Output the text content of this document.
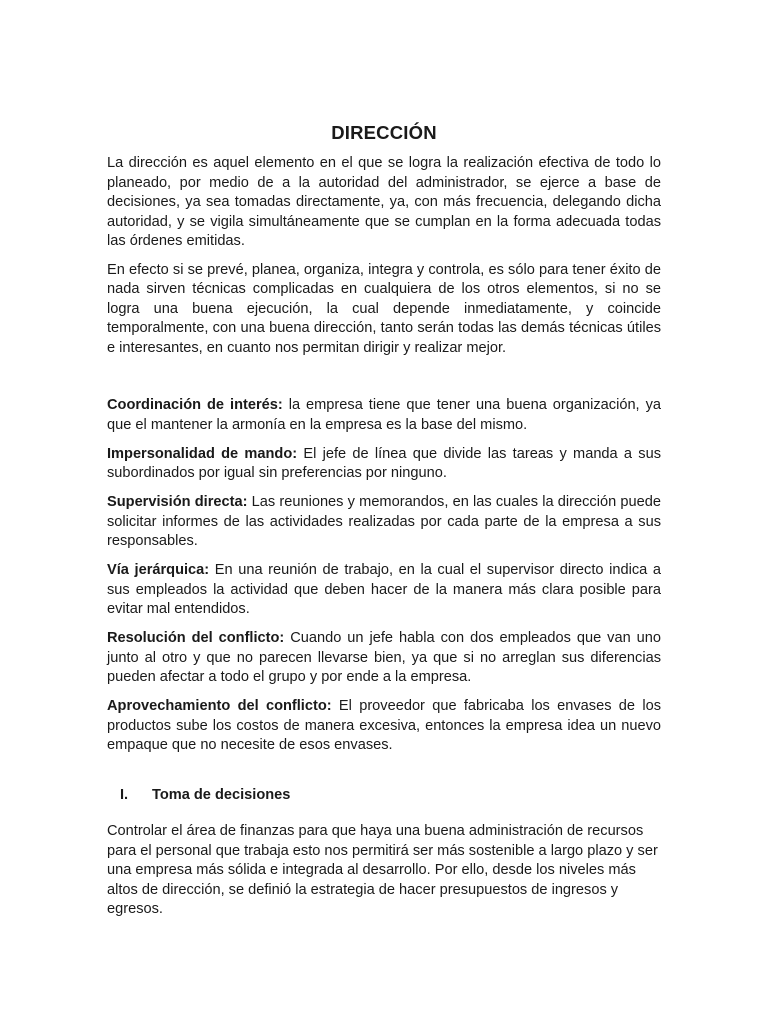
DIRECCIÓN

La dirección es aquel elemento en el que se logra la realización efectiva de todo lo planeado, por medio de a la autoridad del administrador, se ejerce a base de decisiones, ya sea tomadas directamente, ya, con más frecuencia, delegando dicha autoridad, y se vigila simultáneamente que se cumplan en la forma adecuada todas las órdenes emitidas.

En efecto si se prevé, planea, organiza, integra y controla, es sólo para tener éxito de nada sirven técnicas complicadas en cualquiera de los otros elementos, si no se logra una buena ejecución, la cual depende inmediatamente, y coincide temporalmente, con una buena dirección, tanto serán todas las demás técnicas útiles e interesantes, en cuanto nos permitan dirigir y realizar mejor.

Coordinación de interés: la empresa tiene que tener una buena organización, ya que el mantener la armonía en la empresa es la base del mismo.

Impersonalidad de mando: El jefe de línea que divide las tareas y manda a sus subordinados por igual sin preferencias por ninguno.

Supervisión directa: Las reuniones y memorandos, en las cuales la dirección puede solicitar informes de las actividades realizadas por cada parte de la empresa a sus responsables.

Vía jerárquica: En una reunión de trabajo, en la cual el supervisor directo indica a sus empleados la actividad que deben hacer de la manera más clara posible para evitar mal entendidos.

Resolución del conflicto: Cuando un jefe habla con dos empleados que van uno junto al otro y que no parecen llevarse bien, ya que si no arreglan sus diferencias pueden afectar a todo el grupo y por ende a la empresa.

Aprovechamiento del conflicto: El proveedor que fabricaba los envases de los productos sube los costos de manera excesiva, entonces la empresa idea un nuevo empaque que no necesite de esos envases.

I.	Toma de decisiones

Controlar el área de finanzas para que haya una buena administración de recursos para el personal que trabaja esto nos permitirá ser más sostenible a largo plazo y ser una empresa más sólida e integrada al desarrollo. Por ello, desde los niveles más altos de dirección, se definió la estrategia de hacer presupuestos de ingresos y egresos.
